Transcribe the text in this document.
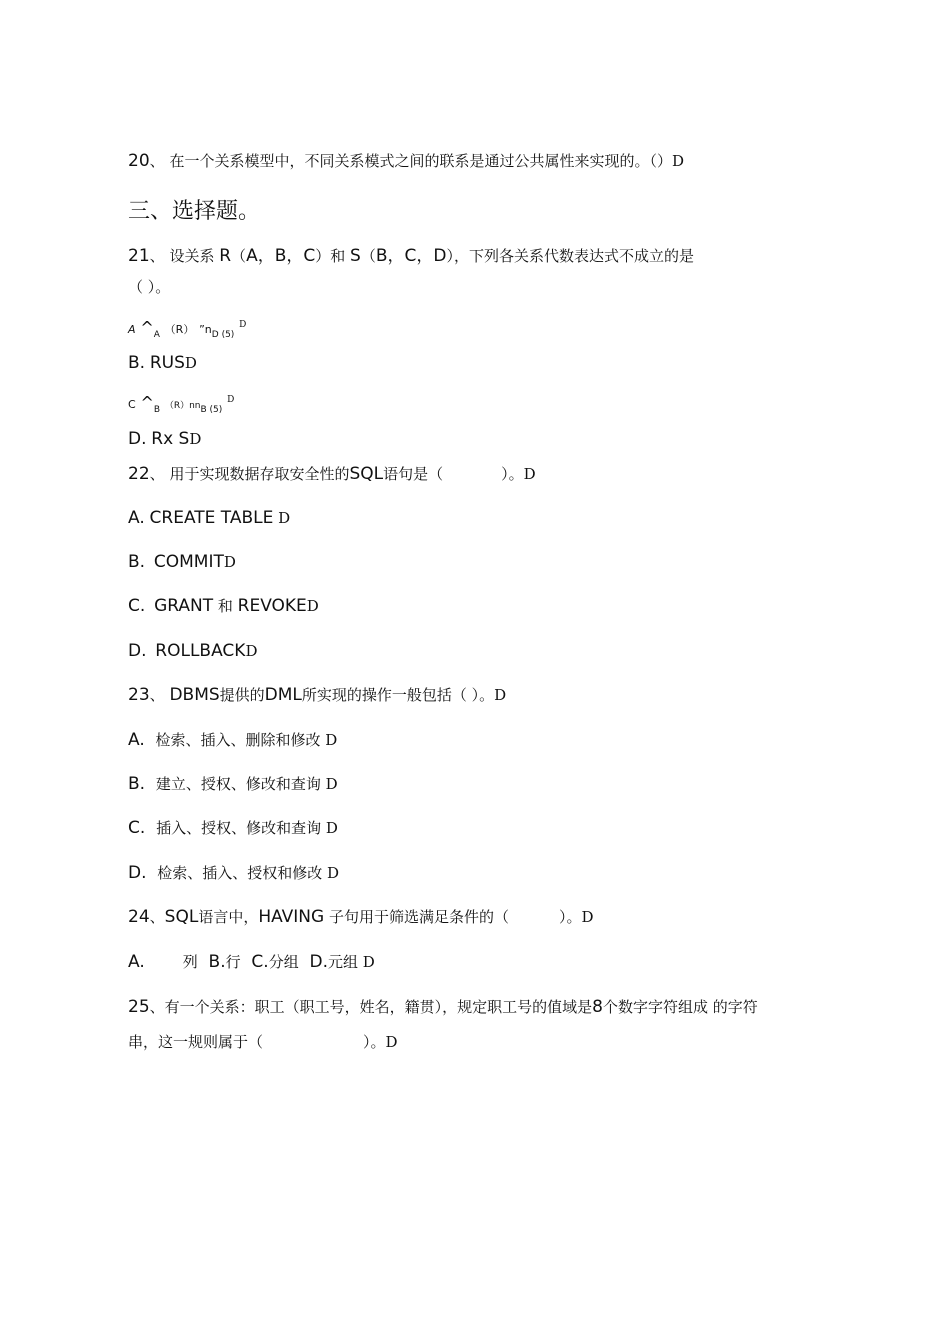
20、 在一个关系模型中，不同关系模式之间的联系是通过公共属性来实现的。（）D
三、选择题。
21、 设关系 R（A，B，C）和 S（B，C，D），下列各关系代数表达式不成立的是
（ ）。
A $\^{}_A$ （R） $”n_{D (5)}$ $^D$
B. RUSD
C $\^{}_B$ $(R)nn_{B (5)}$ $^D$
D. Rx SD
22、 用于实现数据存取安全性的SQL语句是（	）。D
A. CREATE TABLE D
B. COMMITD
C. GRANT 和 REVOKED
D. ROLLBACKD
23、 DBMS提供的DML所实现的操作一般包括（ ）。D
A. 检索、插入、删除和修改 D
B. 建立、授权、修改和查询 D
C. 插入、授权、修改和查询 D
D. 检索、插入、授权和修改 D
24、SQL语言中，HAVING 子句用于筛选满足条件的（	）。D
A.	列 B.行 C.分组 D.元组 D
25、有一个关系：职工（职工号，姓名，籍贯），规定职工号的值域是8个数字字符组成 的字符
串，这一规则属于（	）。D
